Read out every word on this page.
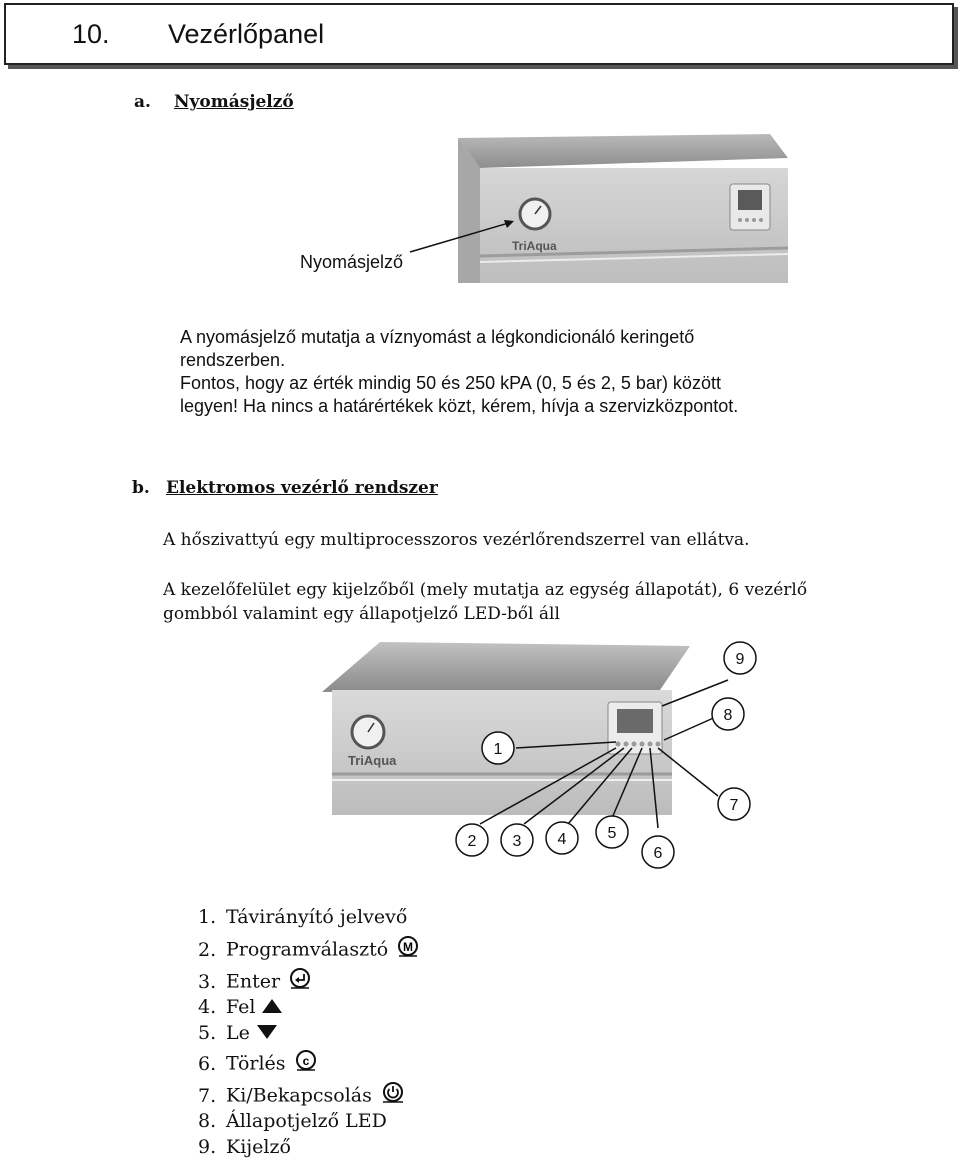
10. Vezérlőpanel
a. Nyomásjelző
TriAqua
Nyomásjelző
A nyomásjelző mutatja a víznyomást a légkondicionáló keringető
rendszerben.
Fontos, hogy az érték mindig 50 és 250 kPA (0, 5 és 2, 5 bar) között
legyen! Ha nincs a határértékek közt, kérem, hívja a szervizközpontot.
b. Elektromos vezérlő rendszer
A hőszivattyú egy multiprocesszoros vezérlőrendszerrel van ellátva.
A kezelőfelület egy kijelzőből (mely mutatja az egység állapotát), 6 vezérlő
gombból valamint egy állapotjelző LED-ből áll
TriAqua
1
2 3 4	5
6
7
8
9
1. Távirányító jelvevő
2. Programválasztó M
3. Enter
4. Fel
5. Le
6. Törlés c
7. Ki/Bekapcsolás
8. Állapotjelző LED
9. Kijelző
